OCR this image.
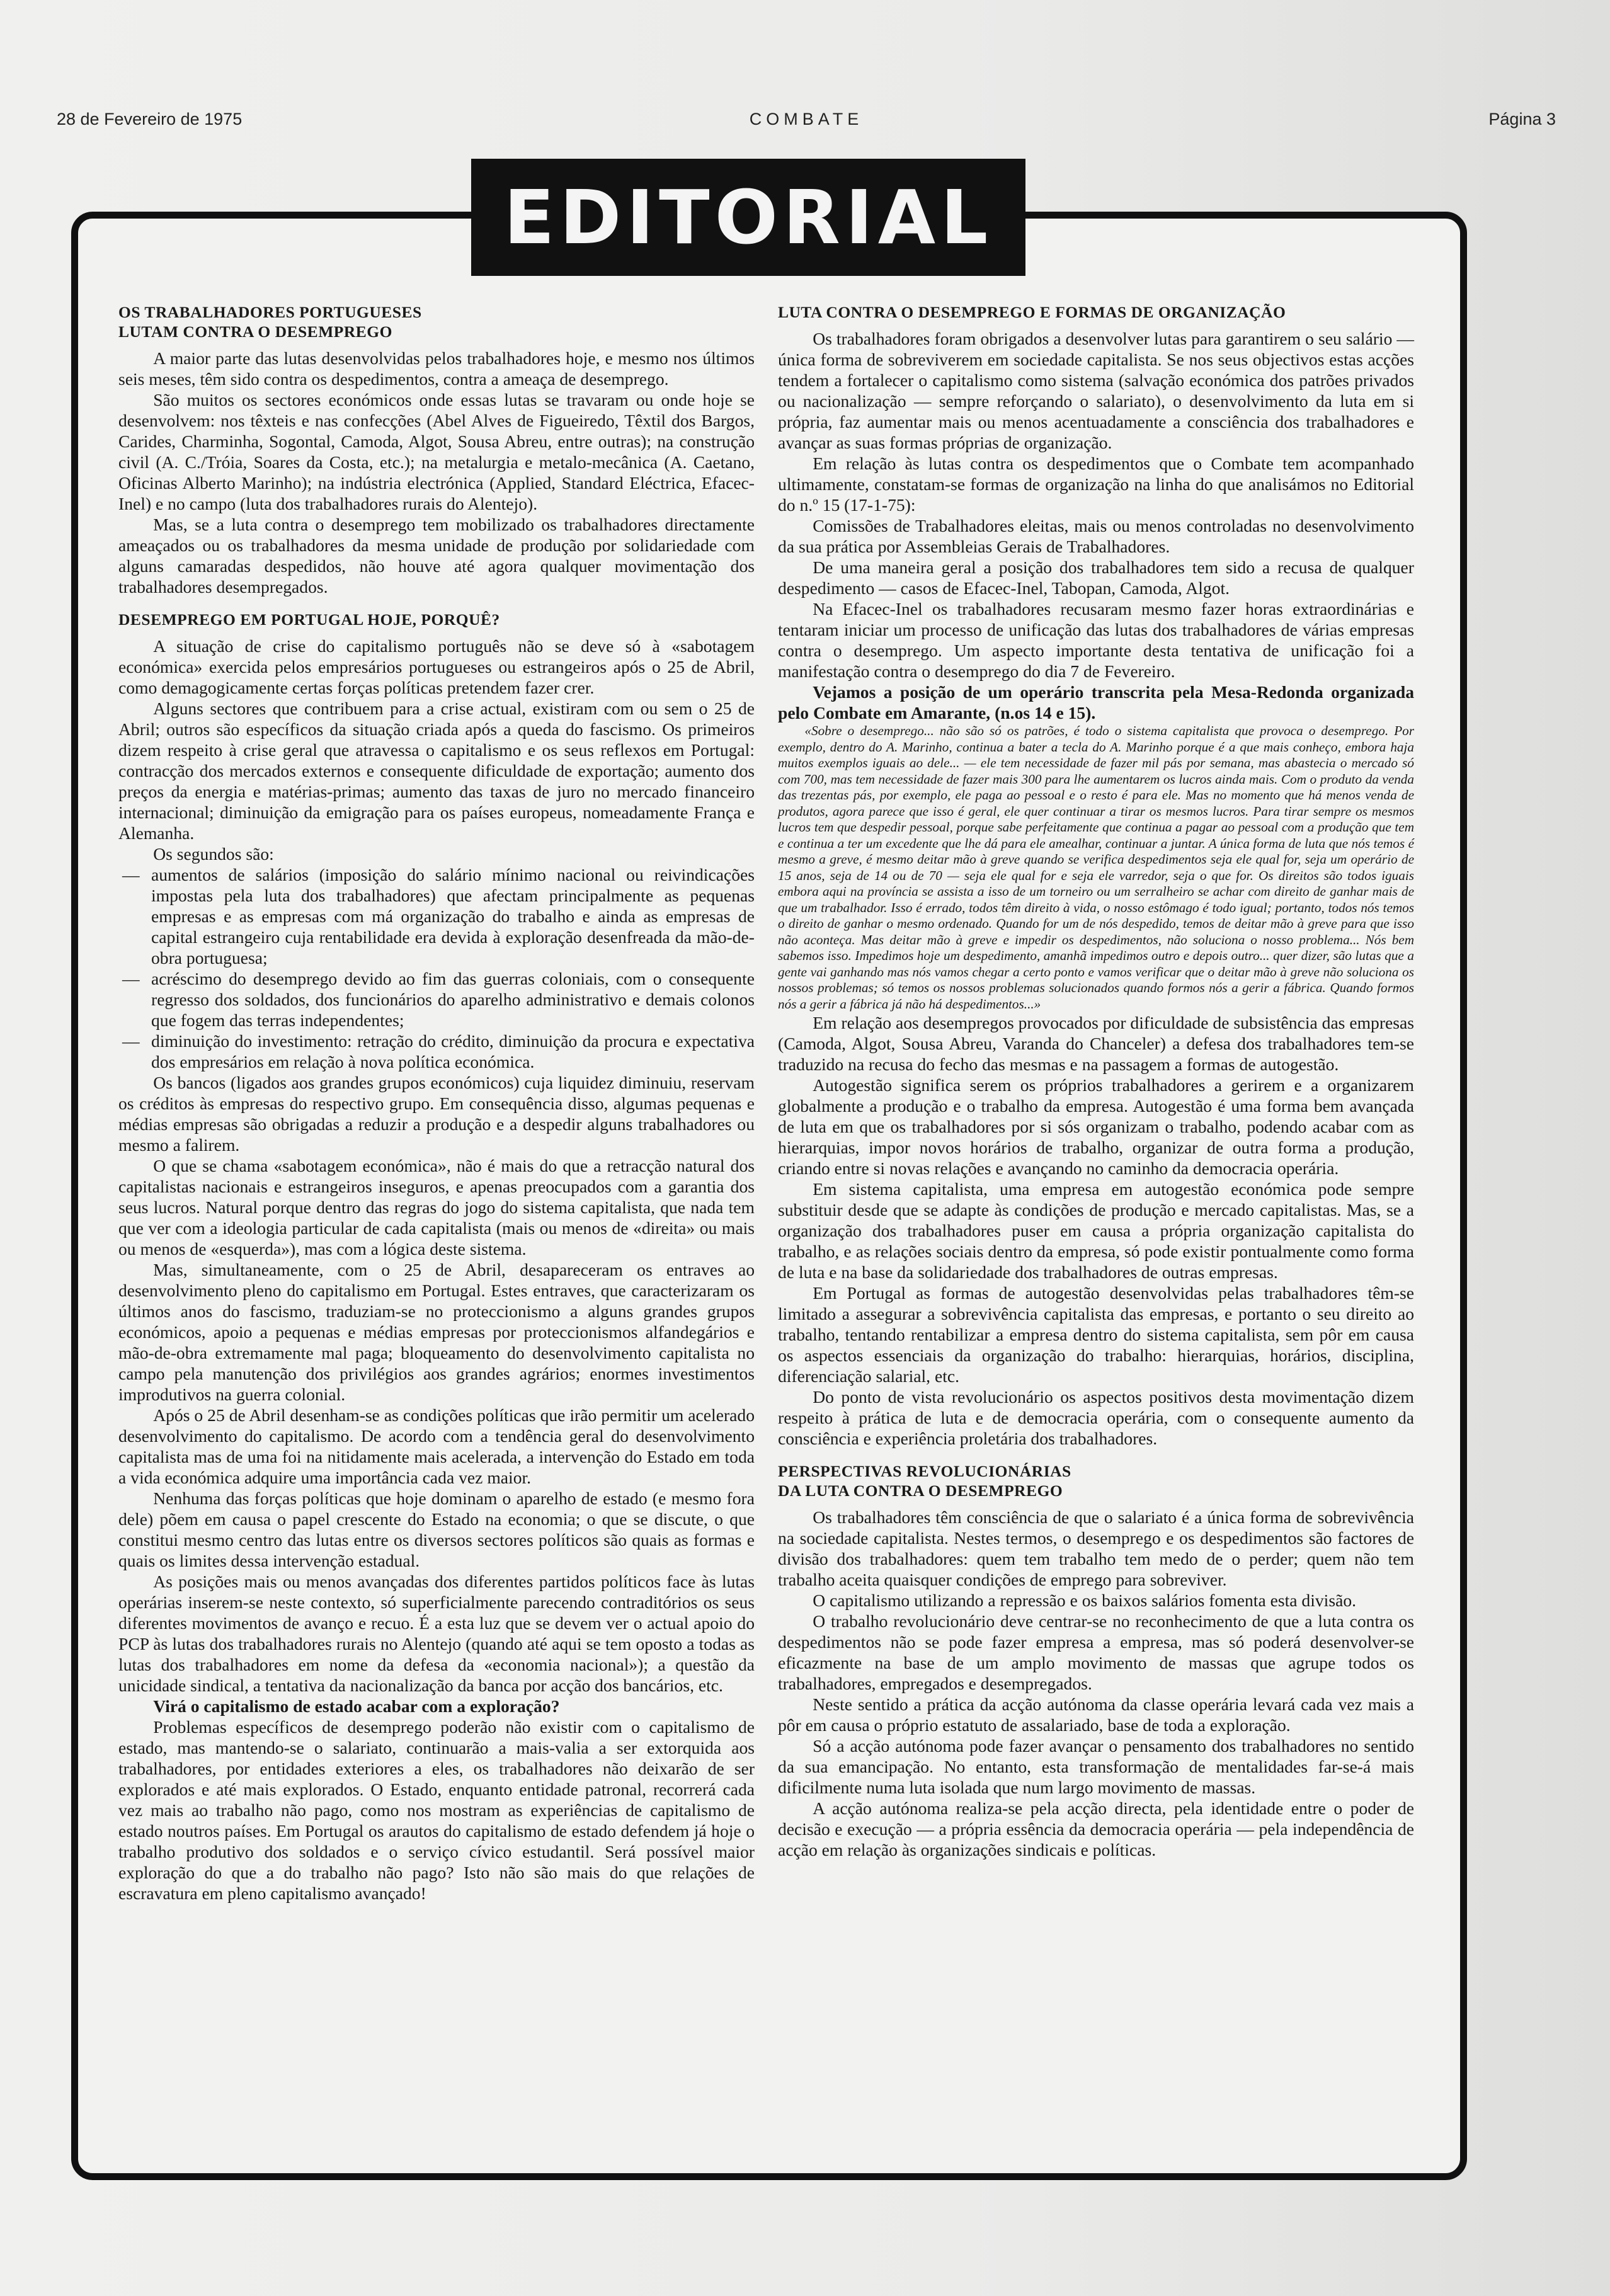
28 de Fevereiro de 1975	COMBATE	Página 3
EDITORIAL
OS TRABALHADORES PORTUGUESES
LUTAM CONTRA O DESEMPREGO

A maior parte das lutas desenvolvidas pelos trabalhadores hoje, e mesmo nos últimos seis meses, têm sido contra os despedimentos, contra a ameaça de desemprego.

São muitos os sectores económicos onde essas lutas se travaram ou onde hoje se desenvolvem: nos têxteis e nas confecções (Abel Alves de Figueiredo, Têxtil dos Bargos, Carides, Charminha, Sogontal, Camoda, Algot, Sousa Abreu, entre outras); na construção civil (A. C./Tróia, Soares da Costa, etc.); na metalurgia e metalo-mecânica (A. Caetano, Oficinas Alberto Marinho); na indústria electrónica (Applied, Standard Eléctrica, Efacec-Inel) e no campo (luta dos trabalhadores rurais do Alentejo).

Mas, se a luta contra o desemprego tem mobilizado os trabalhadores directamente ameaçados ou os trabalhadores da mesma unidade de produção por solidariedade com alguns camaradas despedidos, não houve até agora qualquer movimentação dos trabalhadores desempregados.

DESEMPREGO EM PORTUGAL HOJE, PORQUÊ?

A situação de crise do capitalismo português não se deve só à «sabotagem económica» exercida pelos empresários portugueses ou estrangeiros após o 25 de Abril, como demagogicamente certas forças políticas pretendem fazer crer.

Alguns sectores que contribuem para a crise actual, existiram com ou sem o 25 de Abril; outros são específicos da situação criada após a queda do fascismo. Os primeiros dizem respeito à crise geral que atravessa o capitalismo e os seus reflexos em Portugal: contracção dos mercados externos e consequente dificuldade de exportação; aumento dos preços da energia e matérias-primas; aumento das taxas de juro no mercado financeiro internacional; diminuição da emigração para os países europeus, nomeadamente França e Alemanha.

Os segundos são:

— aumentos de salários (imposição do salário mínimo nacional ou reivindicações impostas pela luta dos trabalhadores) que afectam principalmente as pequenas empresas e as empresas com má organização do trabalho e ainda as empresas de capital estrangeiro cuja rentabilidade era devida à exploração desenfreada da mão-de-obra portuguesa;
— acréscimo do desemprego devido ao fim das guerras coloniais, com o consequente regresso dos soldados, dos funcionários do aparelho administrativo e demais colonos que fogem das terras independentes;
— diminuição do investimento: retração do crédito, diminuição da procura e expectativa dos empresários em relação à nova política económica.

Os bancos (ligados aos grandes grupos económicos) cuja liquidez diminuiu, reservam os créditos às empresas do respectivo grupo. Em consequência disso, algumas pequenas e médias empresas são obrigadas a reduzir a produção e a despedir alguns trabalhadores ou mesmo a falirem.

O que se chama «sabotagem económica», não é mais do que a retracção natural dos capitalistas nacionais e estrangeiros inseguros, e apenas preocupados com a garantia dos seus lucros. Natural porque dentro das regras do jogo do sistema capitalista, que nada tem que ver com a ideologia particular de cada capitalista (mais ou menos de «direita» ou mais ou menos de «esquerda»), mas com a lógica deste sistema.

Mas, simultaneamente, com o 25 de Abril, desapareceram os entraves ao desenvolvimento pleno do capitalismo em Portugal. Estes entraves, que caracterizaram os últimos anos do fascismo, traduziam-se no proteccionismo a alguns grandes grupos económicos, apoio a pequenas e médias empresas por proteccionismos alfandegários e mão-de-obra extremamente mal paga; bloqueamento do desenvolvimento capitalista no campo pela manutenção dos privilégios aos grandes agrários; enormes investimentos improdutivos na guerra colonial.

Após o 25 de Abril desenham-se as condições políticas que irão permitir um acelerado desenvolvimento do capitalismo. De acordo com a tendência geral do desenvolvimento capitalista mas de uma foi na nitidamente mais acelerada, a intervenção do Estado em toda a vida económica adquire uma importância cada vez maior.

Nenhuma das forças políticas que hoje dominam o aparelho de estado (e mesmo fora dele) põem em causa o papel crescente do Estado na economia; o que se discute, o que constitui mesmo centro das lutas entre os diversos sectores políticos são quais as formas e quais os limites dessa intervenção estadual.

As posições mais ou menos avançadas dos diferentes partidos políticos face às lutas operárias inserem-se neste contexto, só superficialmente parecendo contraditórios os seus diferentes movimentos de avanço e recuo. É a esta luz que se devem ver o actual apoio do PCP às lutas dos trabalhadores rurais no Alentejo (quando até aqui se tem oposto a todas as lutas dos trabalhadores em nome da defesa da «economia nacional»); a questão da unicidade sindical, a tentativa da nacionalização da banca por acção dos bancários, etc.

Virá o capitalismo de estado acabar com a exploração?

Problemas específicos de desemprego poderão não existir com o capitalismo de estado, mas mantendo-se o salariato, continuarão a mais-valia a ser extorquida aos trabalhadores, por entidades exteriores a eles, os trabalhadores não deixarão de ser explorados e até mais explorados. O Estado, enquanto entidade patronal, recorrerá cada vez mais ao trabalho não pago, como nos mostram as experiências de capitalismo de estado noutros países. Em Portugal os arautos do capitalismo de estado defendem já hoje o trabalho produtivo dos soldados e o serviço cívico estudantil. Será possível maior exploração do que a do trabalho não pago? Isto não são mais do que relações de escravatura em pleno capitalismo avançado!

LUTA CONTRA O DESEMPREGO E FORMAS DE ORGANIZAÇÃO

Os trabalhadores foram obrigados a desenvolver lutas para garantirem o seu salário — única forma de sobreviverem em sociedade capitalista. Se nos seus objectivos estas acções tendem a fortalecer o capitalismo como sistema (salvação económica dos patrões privados ou nacionalização — sempre reforçando o salariato), o desenvolvimento da luta em si própria, faz aumentar mais ou menos acentuadamente a consciência dos trabalhadores e avançar as suas formas próprias de organização.

Em relação às lutas contra os despedimentos que o Combate tem acompanhado ultimamente, constatam-se formas de organização na linha do que analisámos no Editorial do n.º 15 (17-1-75):

Comissões de Trabalhadores eleitas, mais ou menos controladas no desenvolvimento da sua prática por Assembleias Gerais de Trabalhadores.

De uma maneira geral a posição dos trabalhadores tem sido a recusa de qualquer despedimento — casos de Efacec-Inel, Tabopan, Camoda, Algot.

Na Efacec-Inel os trabalhadores recusaram mesmo fazer horas extraordinárias e tentaram iniciar um processo de unificação das lutas dos trabalhadores de várias empresas contra o desemprego. Um aspecto importante desta tentativa de unificação foi a manifestação contra o desemprego do dia 7 de Fevereiro.

Vejamos a posição de um operário transcrita pela Mesa-Redonda organizada pelo Combate em Amarante, (n.os 14 e 15).

«Sobre o desemprego... não são só os patrões, é todo o sistema capitalista que provoca o desemprego. Por exemplo, dentro do A. Marinho, continua a bater a tecla do A. Marinho porque é a que mais conheço, embora haja muitos exemplos iguais ao dele... — ele tem necessidade de fazer mil pás por semana, mas abastecia o mercado só com 700, mas tem necessidade de fazer mais 300 para lhe aumentarem os lucros ainda mais. Com o produto da venda das trezentas pás, por exemplo, ele paga ao pessoal e o resto é para ele. Mas no momento que há menos venda de produtos, agora parece que isso é geral, ele quer continuar a tirar os mesmos lucros. Para tirar sempre os mesmos lucros tem que despedir pessoal, porque sabe perfeitamente que continua a pagar ao pessoal com a produção que tem e continua a ter um excedente que lhe dá para ele amealhar, continuar a juntar. A única forma de luta que nós temos é mesmo a greve, é mesmo deitar mão à greve quando se verifica despedimentos seja ele qual for, seja um operário de 15 anos, seja de 14 ou de 70 — seja ele qual for e seja ele varredor, seja o que for. Os direitos são todos iguais embora aqui na província se assista a isso de um torneiro ou um serralheiro se achar com direito de ganhar mais de que um trabalhador. Isso é errado, todos têm direito à vida, o nosso estômago é todo igual; portanto, todos nós temos o direito de ganhar o mesmo ordenado. Quando for um de nós despedido, temos de deitar mão à greve para que isso não aconteça. Mas deitar mão à greve e impedir os despedimentos, não soluciona o nosso problema... Nós bem sabemos isso. Impedimos hoje um despedimento, amanhã impedimos outro e depois outro... quer dizer, são lutas que a gente vai ganhando mas nós vamos chegar a certo ponto e vamos verificar que o deitar mão à greve não soluciona os nossos problemas; só temos os nossos problemas solucionados quando formos nós a gerir a fábrica. Quando formos nós a gerir a fábrica já não há despedimentos...»

Em relação aos desempregos provocados por dificuldade de subsistência das empresas (Camoda, Algot, Sousa Abreu, Varanda do Chanceler) a defesa dos trabalhadores tem-se traduzido na recusa do fecho das mesmas e na passagem a formas de autogestão.

Autogestão significa serem os próprios trabalhadores a gerirem e a organizarem globalmente a produção e o trabalho da empresa. Autogestão é uma forma bem avançada de luta em que os trabalhadores por si sós organizam o trabalho, podendo acabar com as hierarquias, impor novos horários de trabalho, organizar de outra forma a produção, criando entre si novas relações e avançando no caminho da democracia operária.

Em sistema capitalista, uma empresa em autogestão económica pode sempre substituir desde que se adapte às condições de produção e mercado capitalistas. Mas, se a organização dos trabalhadores puser em causa a própria organização capitalista do trabalho, e as relações sociais dentro da empresa, só pode existir pontualmente como forma de luta e na base da solidariedade dos trabalhadores de outras empresas.

Em Portugal as formas de autogestão desenvolvidas pelas trabalhadores têm-se limitado a assegurar a sobrevivência capitalista das empresas, e portanto o seu direito ao trabalho, tentando rentabilizar a empresa dentro do sistema capitalista, sem pôr em causa os aspectos essenciais da organização do trabalho: hierarquias, horários, disciplina, diferenciação salarial, etc.

Do ponto de vista revolucionário os aspectos positivos desta movimentação dizem respeito à prática de luta e de democracia operária, com o consequente aumento da consciência e experiência proletária dos trabalhadores.

PERSPECTIVAS REVOLUCIONÁRIAS
DA LUTA CONTRA O DESEMPREGO

Os trabalhadores têm consciência de que o salariato é a única forma de sobrevivência na sociedade capitalista. Nestes termos, o desemprego e os despedimentos são factores de divisão dos trabalhadores: quem tem trabalho tem medo de o perder; quem não tem trabalho aceita quaisquer condições de emprego para sobreviver.

O capitalismo utilizando a repressão e os baixos salários fomenta esta divisão.

O trabalho revolucionário deve centrar-se no reconhecimento de que a luta contra os despedimentos não se pode fazer empresa a empresa, mas só poderá desenvolver-se eficazmente na base de um amplo movimento de massas que agrupe todos os trabalhadores, empregados e desempregados.

Neste sentido a prática da acção autónoma da classe operária levará cada vez mais a pôr em causa o próprio estatuto de assalariado, base de toda a exploração.

Só a acção autónoma pode fazer avançar o pensamento dos trabalhadores no sentido da sua emancipação. No entanto, esta transformação de mentalidades far-se-á mais dificilmente numa luta isolada que num largo movimento de massas.

A acção autónoma realiza-se pela acção directa, pela identidade entre o poder de decisão e execução — a própria essência da democracia operária — pela independência de acção em relação às organizações sindicais e políticas.
